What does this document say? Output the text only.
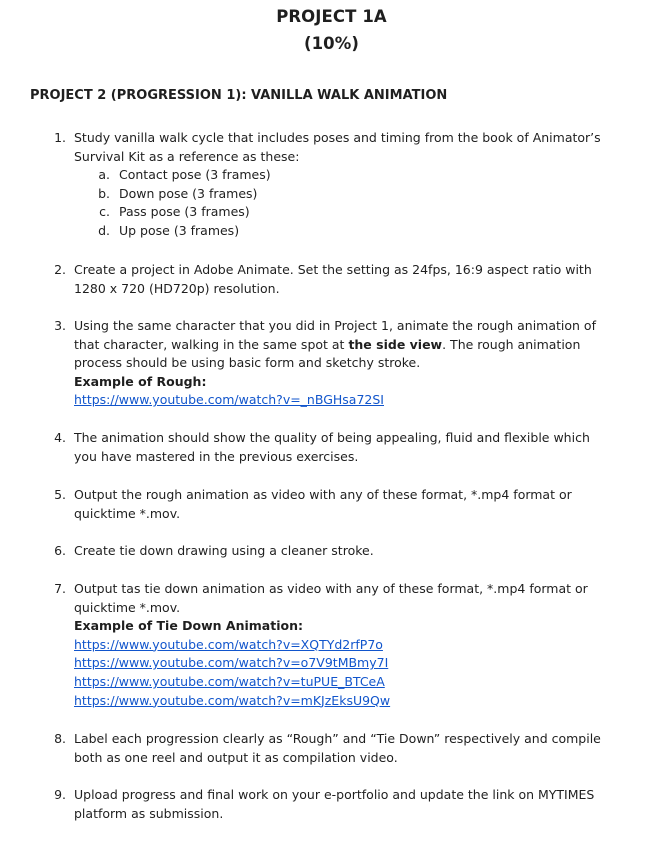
PROJECT 1A
(10%)
PROJECT 2 (PROGRESSION 1): VANILLA WALK ANIMATION
1. Study vanilla walk cycle that includes poses and timing from the book of Animator’s Survival Kit as a reference as these:
a. Contact pose (3 frames)
b. Down pose (3 frames)
c. Pass pose (3 frames)
d. Up pose (3 frames)
2. Create a project in Adobe Animate. Set the setting as 24fps, 16:9 aspect ratio with 1280 x 720 (HD720p) resolution.
3. Using the same character that you did in Project 1, animate the rough animation of that character, walking in the same spot at the side view. The rough animation process should be using basic form and sketchy stroke.
Example of Rough:
https://www.youtube.com/watch?v=_nBGHsa72SI
4. The animation should show the quality of being appealing, fluid and flexible which you have mastered in the previous exercises.
5. Output the rough animation as video with any of these format, *.mp4 format or quicktime *.mov.
6. Create tie down drawing using a cleaner stroke.
7. Output tas tie down animation as video with any of these format, *.mp4 format or quicktime *.mov.
Example of Tie Down Animation:
https://www.youtube.com/watch?v=XQTYd2rfP7o
https://www.youtube.com/watch?v=o7V9tMBmy7I
https://www.youtube.com/watch?v=tuPUE_BTCeA
https://www.youtube.com/watch?v=mKJzEksU9Qw
8. Label each progression clearly as “Rough” and “Tie Down” respectively and compile both as one reel and output it as compilation video.
9. Upload progress and final work on your e-portfolio and update the link on MYTIMES platform as submission.
